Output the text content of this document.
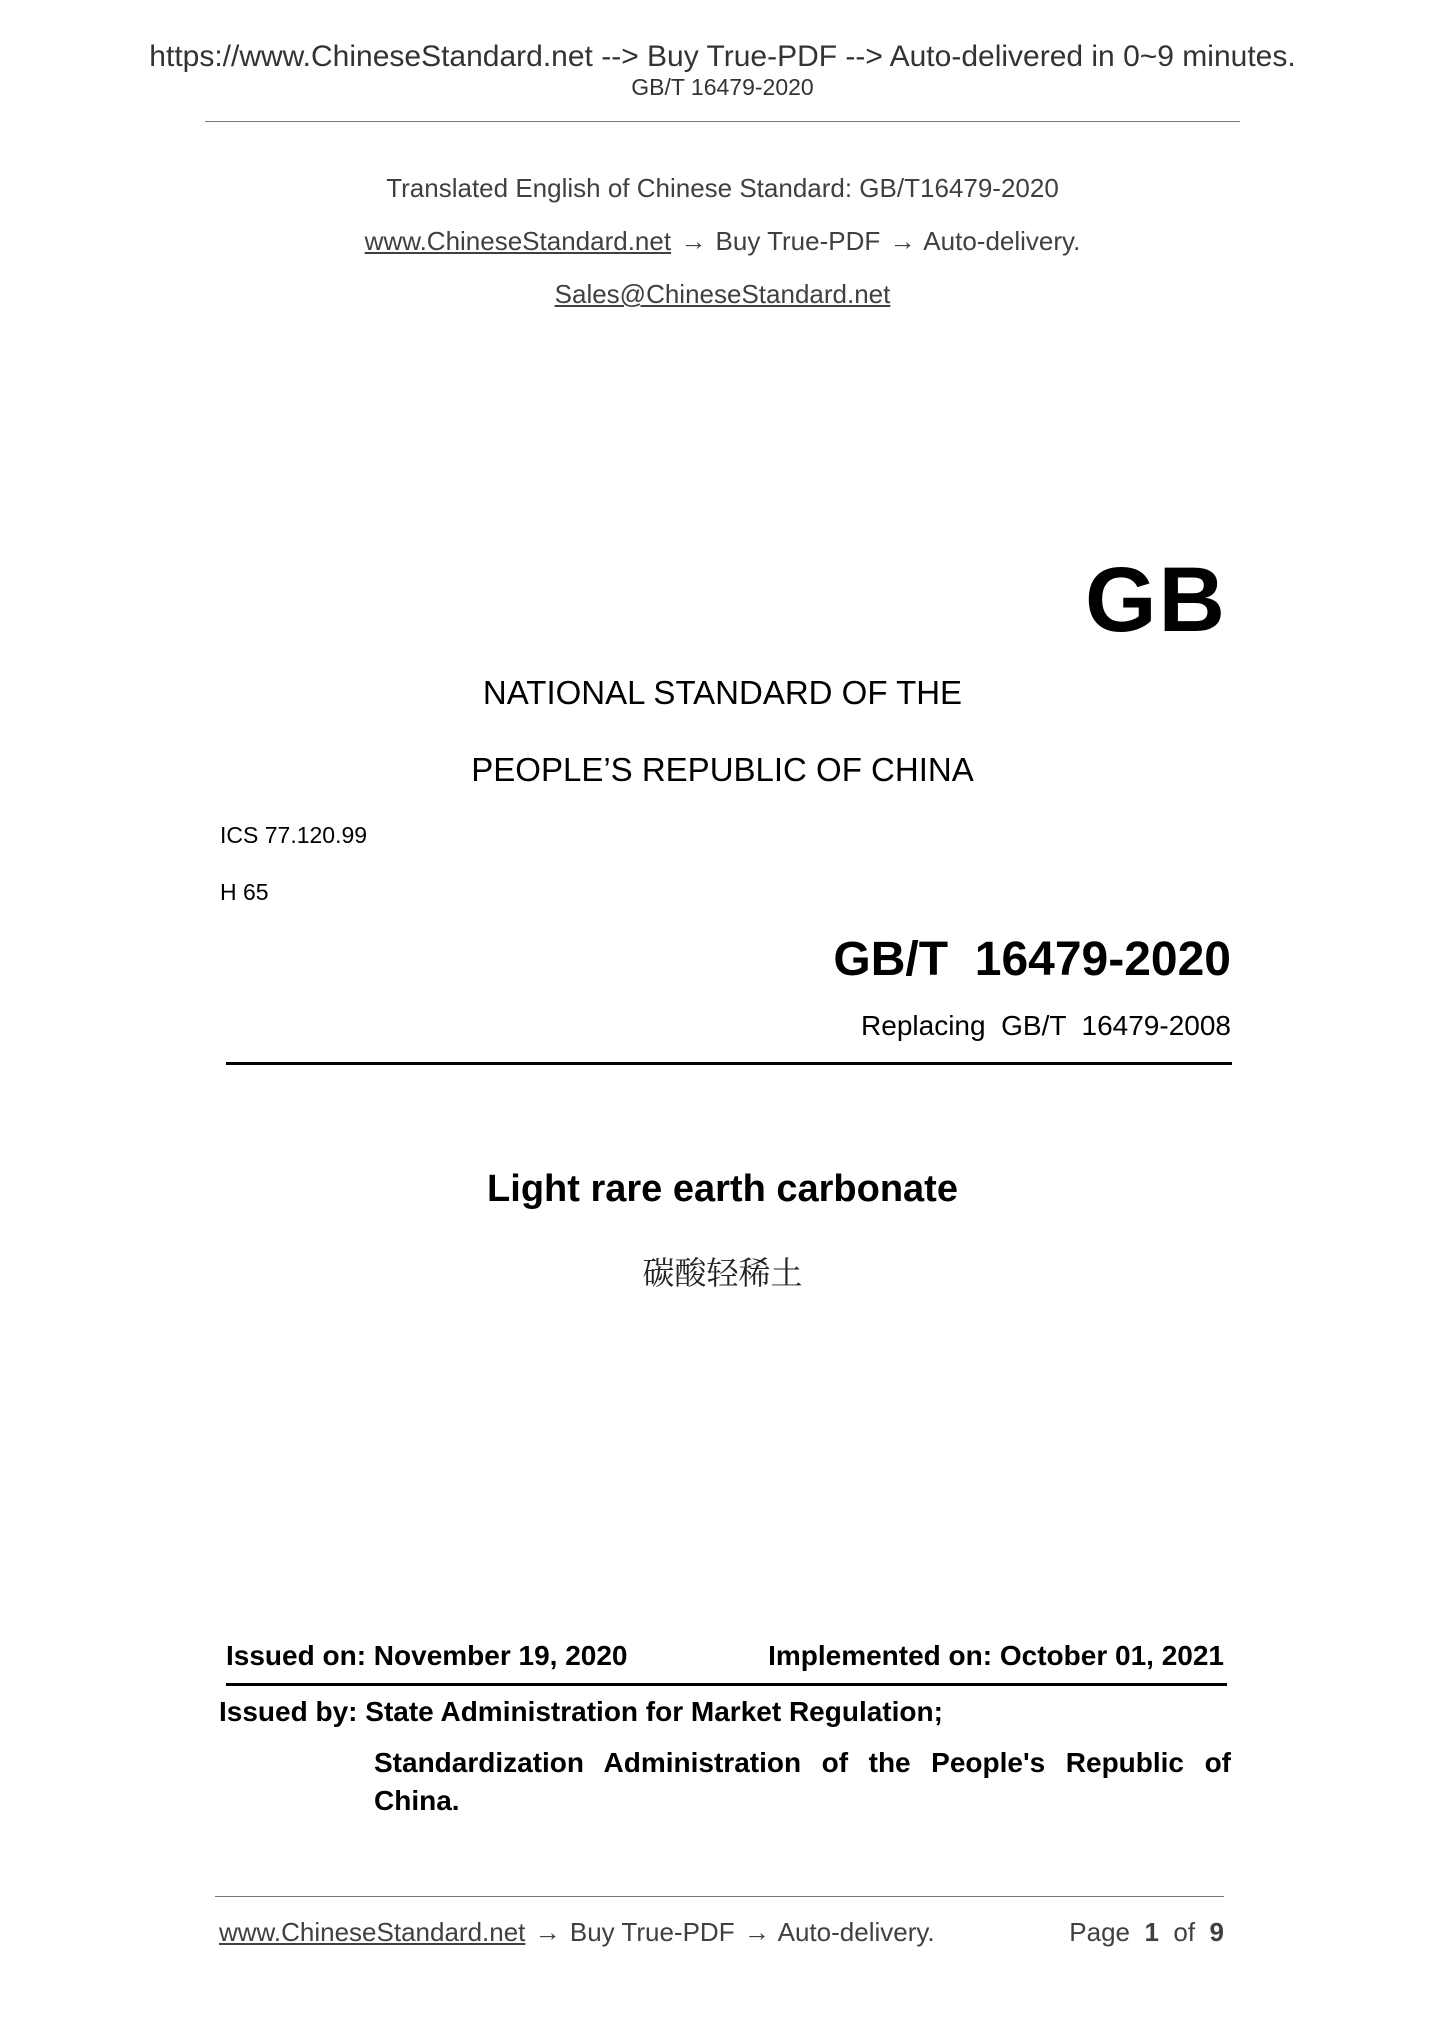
https://www.ChineseStandard.net --> Buy True-PDF --> Auto-delivered in 0~9 minutes.
GB/T 16479-2020
Translated English of Chinese Standard: GB/T16479-2020
www.ChineseStandard.net → Buy True-PDF → Auto-delivery.
Sales@ChineseStandard.net
GB
NATIONAL STANDARD OF THE
PEOPLE’S REPUBLIC OF CHINA
ICS 77.120.99
H 65
GB/T  16479-2020
Replacing  GB/T  16479-2008
Light rare earth carbonate
碳酸轻稀土
Issued on: November 19, 2020	Implemented on: October 01, 2021
Issued by: State Administration for Market Regulation;
Standardization Administration of the People's Republic of China.
www.ChineseStandard.net → Buy True-PDF → Auto-delivery.	Page 1 of 9
